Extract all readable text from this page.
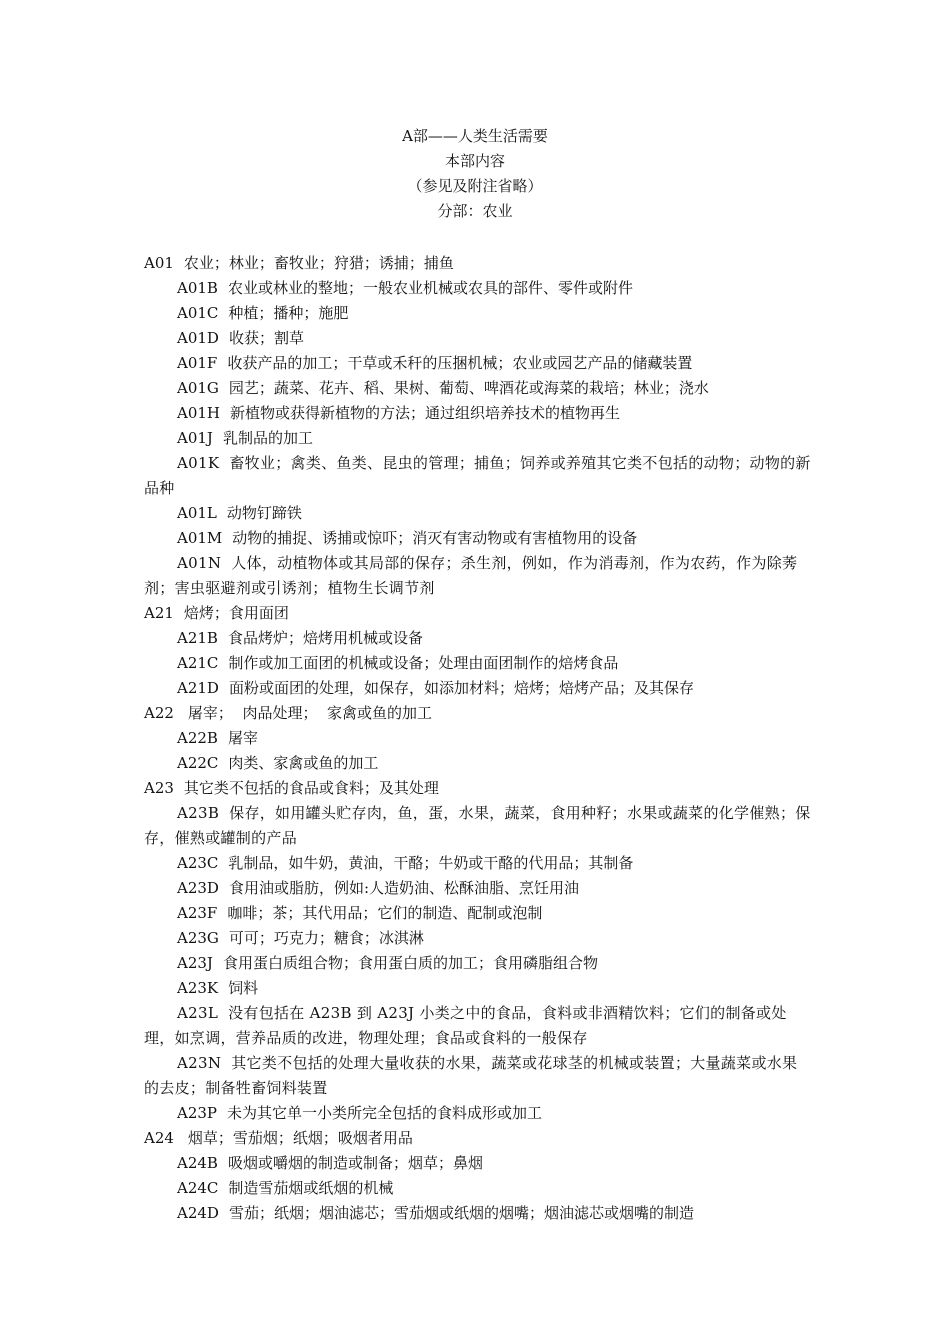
A部——人类生活需要
本部内容
（参见及附注省略）
分部：农业
A01 农业；林业；畜牧业；狩猎；诱捕；捕鱼
A01B 农业或林业的整地；一般农业机械或农具的部件、零件或附件
A01C 种植；播种；施肥
A01D 收获；割草
A01F 收获产品的加工；干草或禾秆的压捆机械；农业或园艺产品的储藏装置
A01G 园艺；蔬菜、花卉、稻、果树、葡萄、啤酒花或海菜的栽培；林业；浇水
A01H 新植物或获得新植物的方法；通过组织培养技术的植物再生
A01J 乳制品的加工
A01K 畜牧业；禽类、鱼类、昆虫的管理；捕鱼；饲养或养殖其它类不包括的动物；动物的新品种
A01L 动物钉蹄铁
A01M 动物的捕捉、诱捕或惊吓；消灭有害动物或有害植物用的设备
A01N 人体，动植物体或其局部的保存；杀生剂，例如，作为消毒剂，作为农药，作为除莠剂；害虫驱避剂或引诱剂；植物生长调节剂
A21 焙烤；食用面团
A21B 食品烤炉；焙烤用机械或设备
A21C 制作或加工面团的机械或设备；处理由面团制作的焙烤食品
A21D 面粉或面团的处理，如保存，如添加材料；焙烤；焙烤产品；及其保存
A22 屠宰；  肉品处理；  家禽或鱼的加工
A22B 屠宰
A22C 肉类、家禽或鱼的加工
A23 其它类不包括的食品或食料；及其处理
A23B 保存，如用罐头贮存肉，鱼，蛋，水果，蔬菜，食用种籽；水果或蔬菜的化学催熟；保存，催熟或罐制的产品
A23C 乳制品，如牛奶，黄油，干酪；牛奶或干酪的代用品；其制备
A23D 食用油或脂肪，例如:人造奶油、松酥油脂、烹饪用油
A23F 咖啡；茶；其代用品；它们的制造、配制或泡制
A23G 可可；巧克力；糖食；冰淇淋
A23J 食用蛋白质组合物；食用蛋白质的加工；食用磷脂组合物
A23K 饲料
A23L 没有包括在 A23B 到 A23J 小类之中的食品，食料或非酒精饮料；它们的制备或处理，如烹调，营养品质的改进，物理处理；食品或食料的一般保存
A23N 其它类不包括的处理大量收获的水果，蔬菜或花球茎的机械或装置；大量蔬菜或水果的去皮；制备牲畜饲料装置
A23P 未为其它单一小类所完全包括的食料成形或加工
A24 烟草；雪茄烟；纸烟；吸烟者用品
A24B 吸烟或嚼烟的制造或制备；烟草；鼻烟
A24C 制造雪茄烟或纸烟的机械
A24D 雪茄；纸烟；烟油滤芯；雪茄烟或纸烟的烟嘴；烟油滤芯或烟嘴的制造
